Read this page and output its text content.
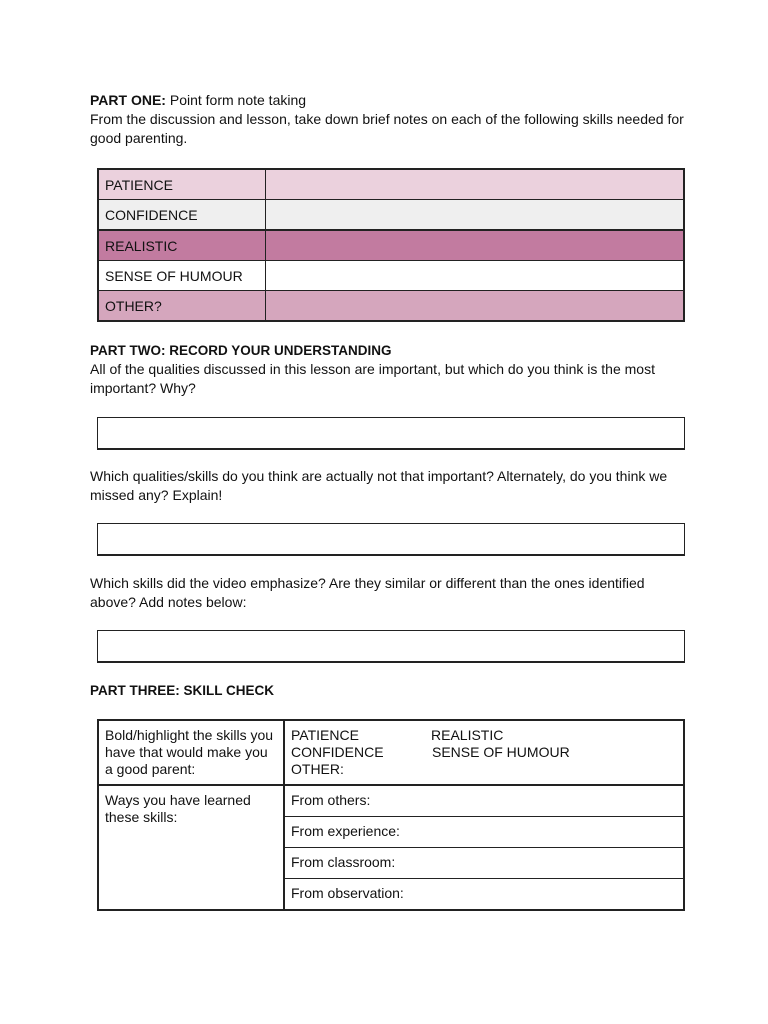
PART ONE: Point form note taking

From the discussion and lesson, take down brief notes on each of the following skills needed for good parenting.

PATIENCE	
CONFIDENCE	
REALISTIC	
SENSE OF HUMOUR	
OTHER?	

PART TWO: RECORD YOUR UNDERSTANDING

All of the qualities discussed in this lesson are important, but which do you think is the most important? Why?

Which qualities/skills do you think are actually not that important? Alternately, do you think we missed any? Explain!

Which skills did the video emphasize? Are they similar or different than the ones identified above? Add notes below:

PART THREE: SKILL CHECK

Bold/highlight the skills you have that would make you a good parent:	PATIENCE REALISTIC
CONFIDENCE SENSE OF HUMOUR
OTHER:

Ways you have learned these skills:	From others:
	From experience:
	From classroom:
	From observation:
